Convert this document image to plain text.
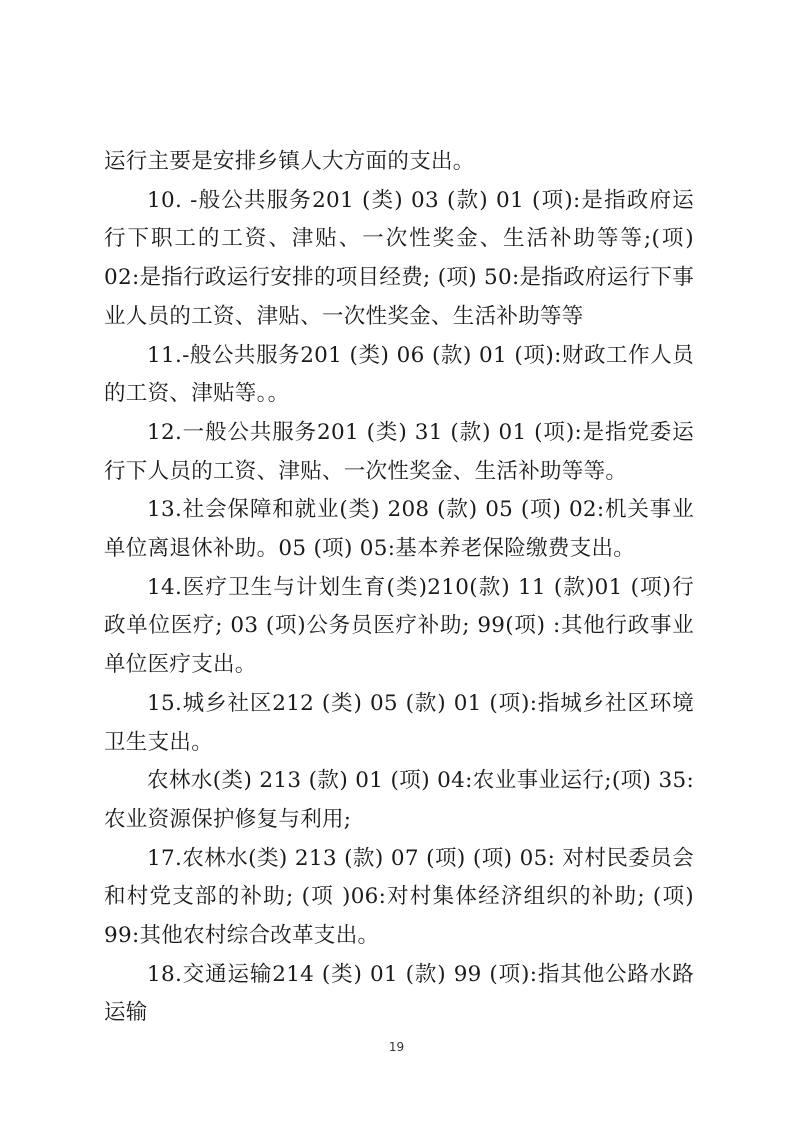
运行主要是安排乡镇人大方面的支出。

10. -般公共服务201 (类) 03 (款) 01 (项):是指政府运行下职工的工资、津贴、一次性奖金、生活补助等等;(项) 02:是指行政运行安排的项目经费; (项) 50:是指政府运行下事业人员的工资、津贴、一次性奖金、生活补助等等

11.-般公共服务201 (类) 06 (款) 01 (项):财政工作人员的工资、津贴等。。

12.一般公共服务201 (类) 31 (款) 01 (项):是指党委运行下人员的工资、津贴、一次性奖金、生活补助等等。

13.社会保障和就业(类) 208 (款) 05 (项) 02:机关事业单位离退休补助。05 (项) 05:基本养老保险缴费支出。

14.医疗卫生与计划生育(类)210(款) 11 (款)01 (项)行政单位医疗; 03 (项)公务员医疗补助; 99(项) :其他行政事业单位医疗支出。

15.城乡社区212 (类) 05 (款) 01 (项):指城乡社区环境卫生支出。

农林水(类) 213 (款) 01 (项) 04:农业事业运行;(项) 35:农业资源保护修复与利用;

17.农林水(类) 213 (款) 07 (项) (项) 05: 对村民委员会和村党支部的补助; (项 )06:对村集体经济组织的补助; (项) 99:其他农村综合改革支出。

18.交通运输214 (类) 01 (款) 99 (项):指其他公路水路运输

19
